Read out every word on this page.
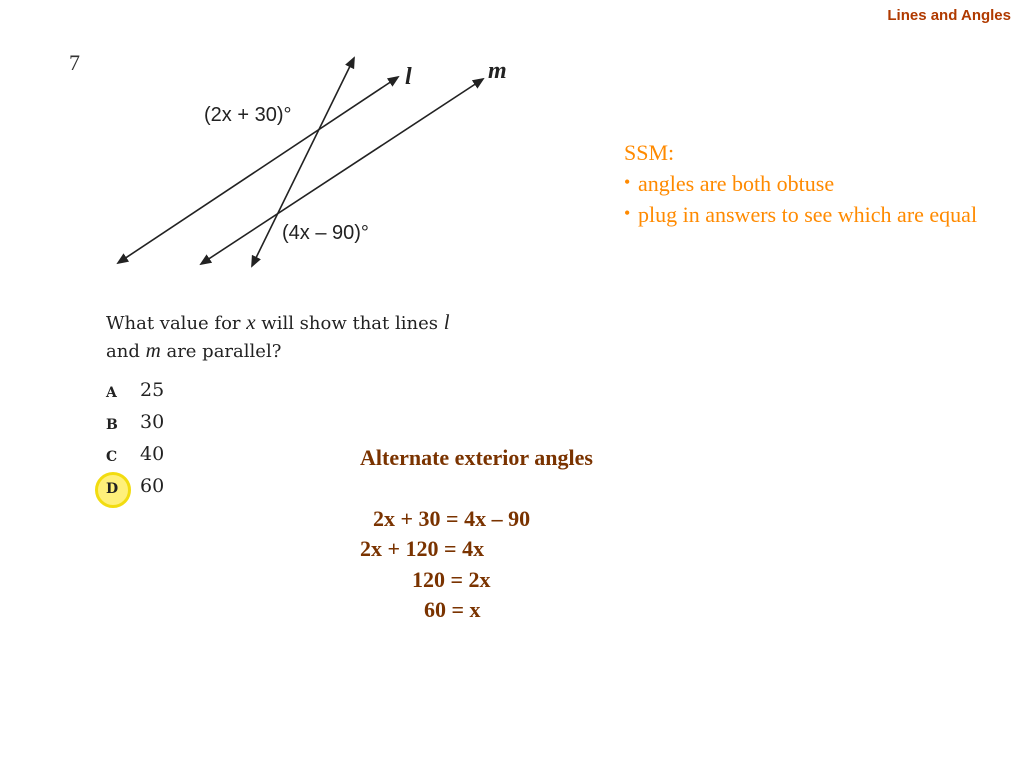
Lines and Angles
7
l	m
(2x + 30)°
(4x – 90)°
What value for x will show that lines l
and m are parallel?
A 25
B 30
C 40
D 60
SSM:
• angles are both obtuse
• plug in answers to see which are equal
Alternate exterior angles
2x + 30 = 4x – 90
2x + 120 = 4x
120 = 2x
60 = x
